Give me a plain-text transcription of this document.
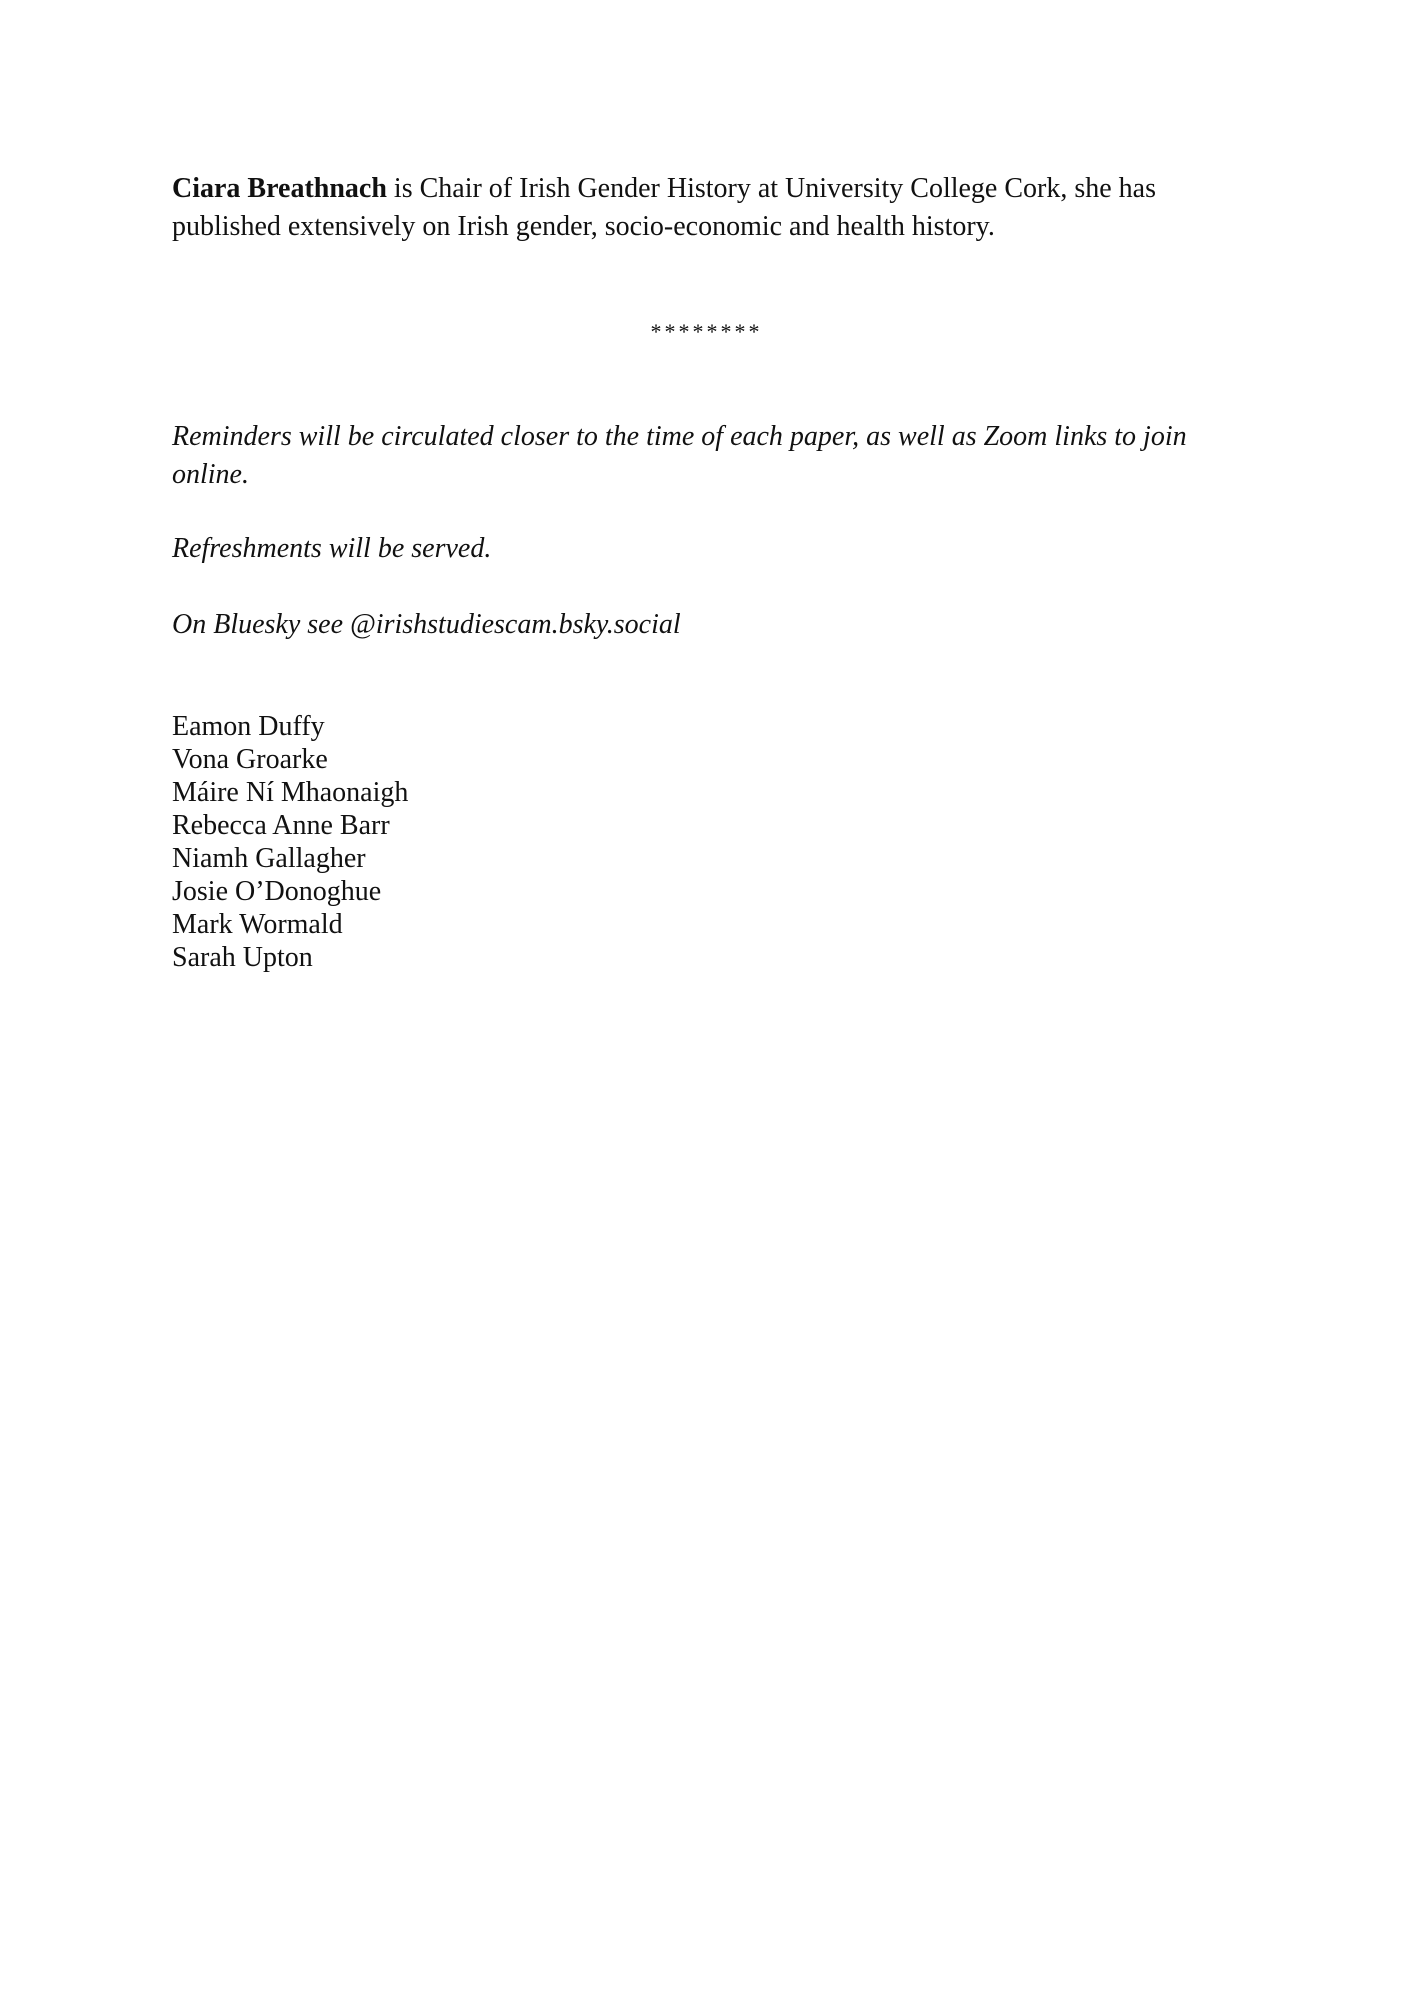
Ciara Breathnach is Chair of Irish Gender History at University College Cork, she has published extensively on Irish gender, socio-economic and health history.

********

Reminders will be circulated closer to the time of each paper, as well as Zoom links to join online.

Refreshments will be served.

On Bluesky see @irishstudiescam.bsky.social

Eamon Duffy
Vona Groarke
Máire Ní Mhaonaigh
Rebecca Anne Barr
Niamh Gallagher
Josie O’Donoghue
Mark Wormald
Sarah Upton
